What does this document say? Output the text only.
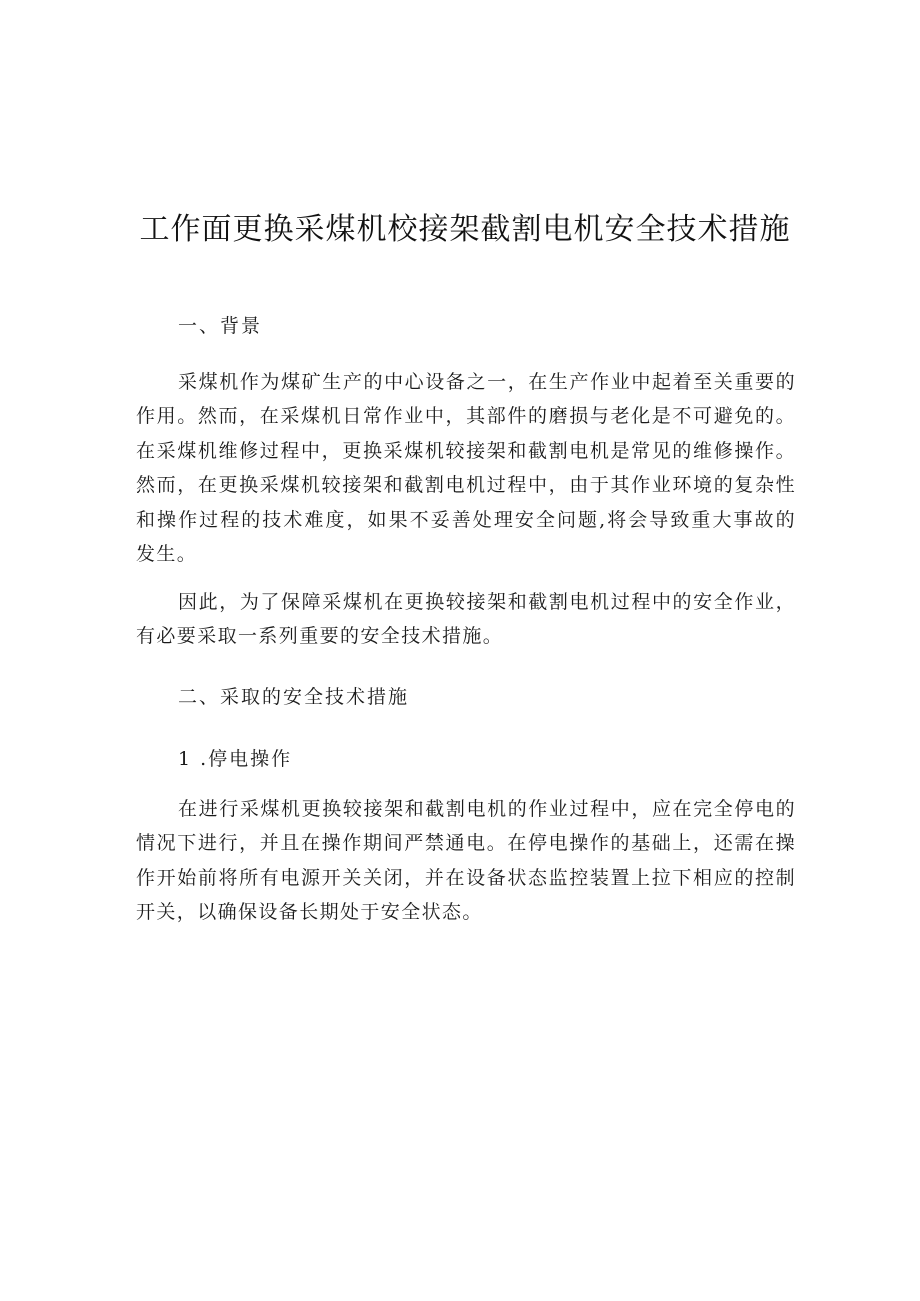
工作面更换采煤机校接架截割电机安全技术措施
一、背景

采煤机作为煤矿生产的中心设备之一，在生产作业中起着至关重要的作用。然而，在采煤机日常作业中，其部件的磨损与老化是不可避免的。在采煤机维修过程中，更换采煤机较接架和截割电机是常见的维修操作。然而，在更换采煤机较接架和截割电机过程中，由于其作业环境的复杂性和操作过程的技术难度，如果不妥善处理安全问题,将会导致重大事故的发生。

因此，为了保障采煤机在更换较接架和截割电机过程中的安全作业，有必要采取一系列重要的安全技术措施。

二、采取的安全技术措施
1 .停电操作

在进行采煤机更换较接架和截割电机的作业过程中，应在完全停电的情况下进行，并且在操作期间严禁通电。在停电操作的基础上，还需在操作开始前将所有电源开关关闭，并在设备状态监控装置上拉下相应的控制开关，以确保设备长期处于安全状态。
